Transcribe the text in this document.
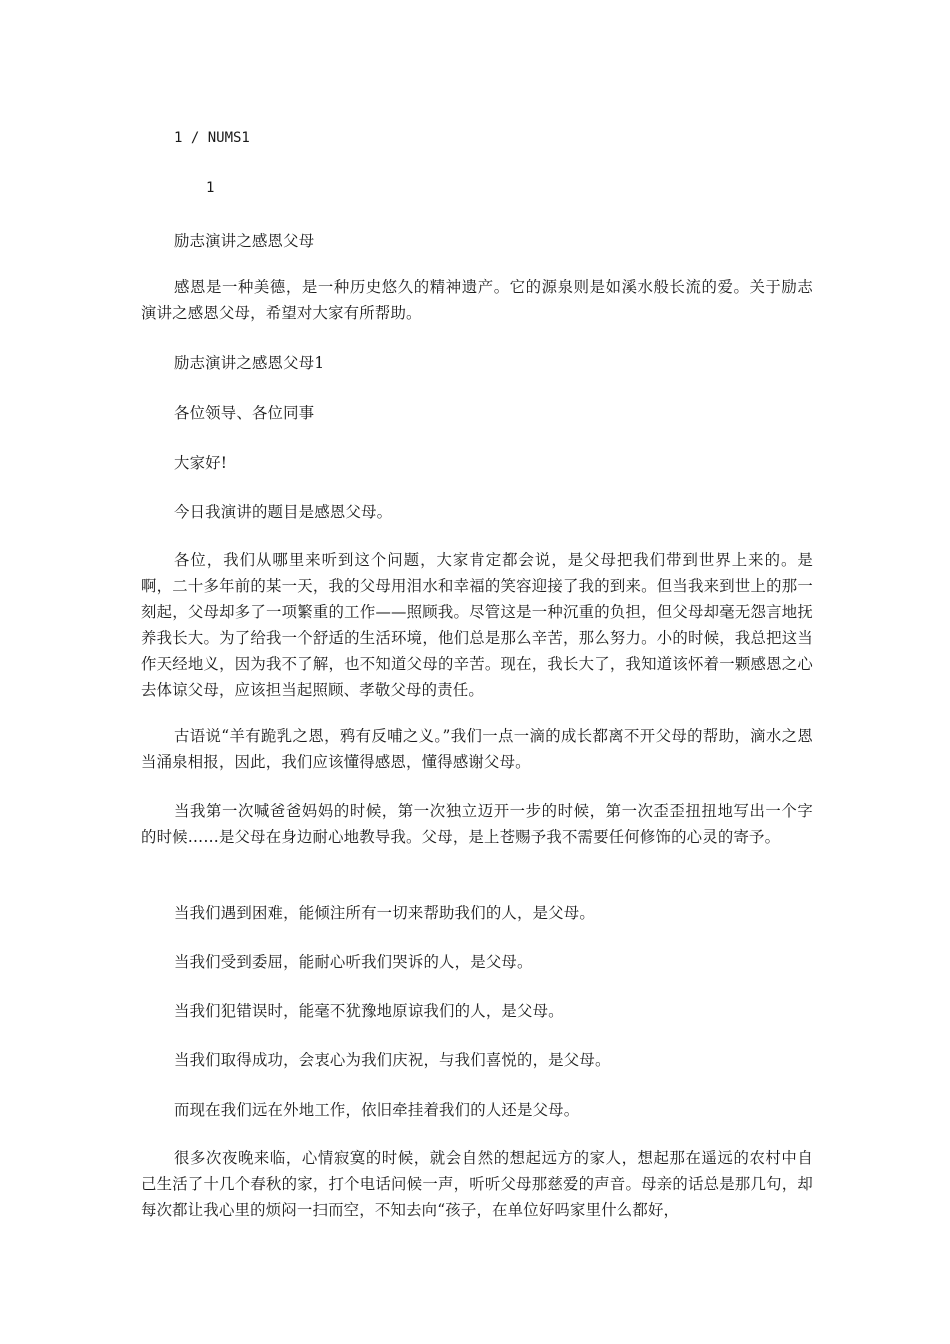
1 / NUMS1
1

励志演讲之感恩父母

感恩是一种美德，是一种历史悠久的精神遗产。它的源泉则是如溪水般长流的爱。关于励志演讲之感恩父母，希望对大家有所帮助。

励志演讲之感恩父母1

各位领导、各位同事

大家好!

今日我演讲的题目是感恩父母。

各位，我们从哪里来听到这个问题，大家肯定都会说，是父母把我们带到世界上来的。是啊，二十多年前的某一天，我的父母用泪水和幸福的笑容迎接了我的到来。但当我来到世上的那一刻起，父母却多了一项繁重的工作——照顾我。尽管这是一种沉重的负担，但父母却毫无怨言地抚养我长大。为了给我一个舒适的生活环境，他们总是那么辛苦，那么努力。小的时候，我总把这当作天经地义，因为我不了解，也不知道父母的辛苦。现在，我长大了，我知道该怀着一颗感恩之心去体谅父母，应该担当起照顾、孝敬父母的责任。

古语说“羊有跪乳之恩，鸦有反哺之义。”我们一点一滴的成长都离不开父母的帮助，滴水之恩当涌泉相报，因此，我们应该懂得感恩，懂得感谢父母。

当我第一次喊爸爸妈妈的时候，第一次独立迈开一步的时候，第一次歪歪扭扭地写出一个字的时候……是父母在身边耐心地教导我。父母，是上苍赐予我不需要任何修饰的心灵的寄予。

当我们遇到困难，能倾注所有一切来帮助我们的人，是父母。

当我们受到委屈，能耐心听我们哭诉的人，是父母。

当我们犯错误时，能毫不犹豫地原谅我们的人，是父母。

当我们取得成功，会衷心为我们庆祝，与我们喜悦的，是父母。

而现在我们远在外地工作，依旧牵挂着我们的人还是父母。

很多次夜晚来临，心情寂寞的时候，就会自然的想起远方的家人，想起那在遥远的农村中自己生活了十几个春秋的家，打个电话问候一声，听听父母那慈爱的声音。母亲的话总是那几句，却每次都让我心里的烦闷一扫而空，不知去向“孩子，在单位好吗家里什么都好，
